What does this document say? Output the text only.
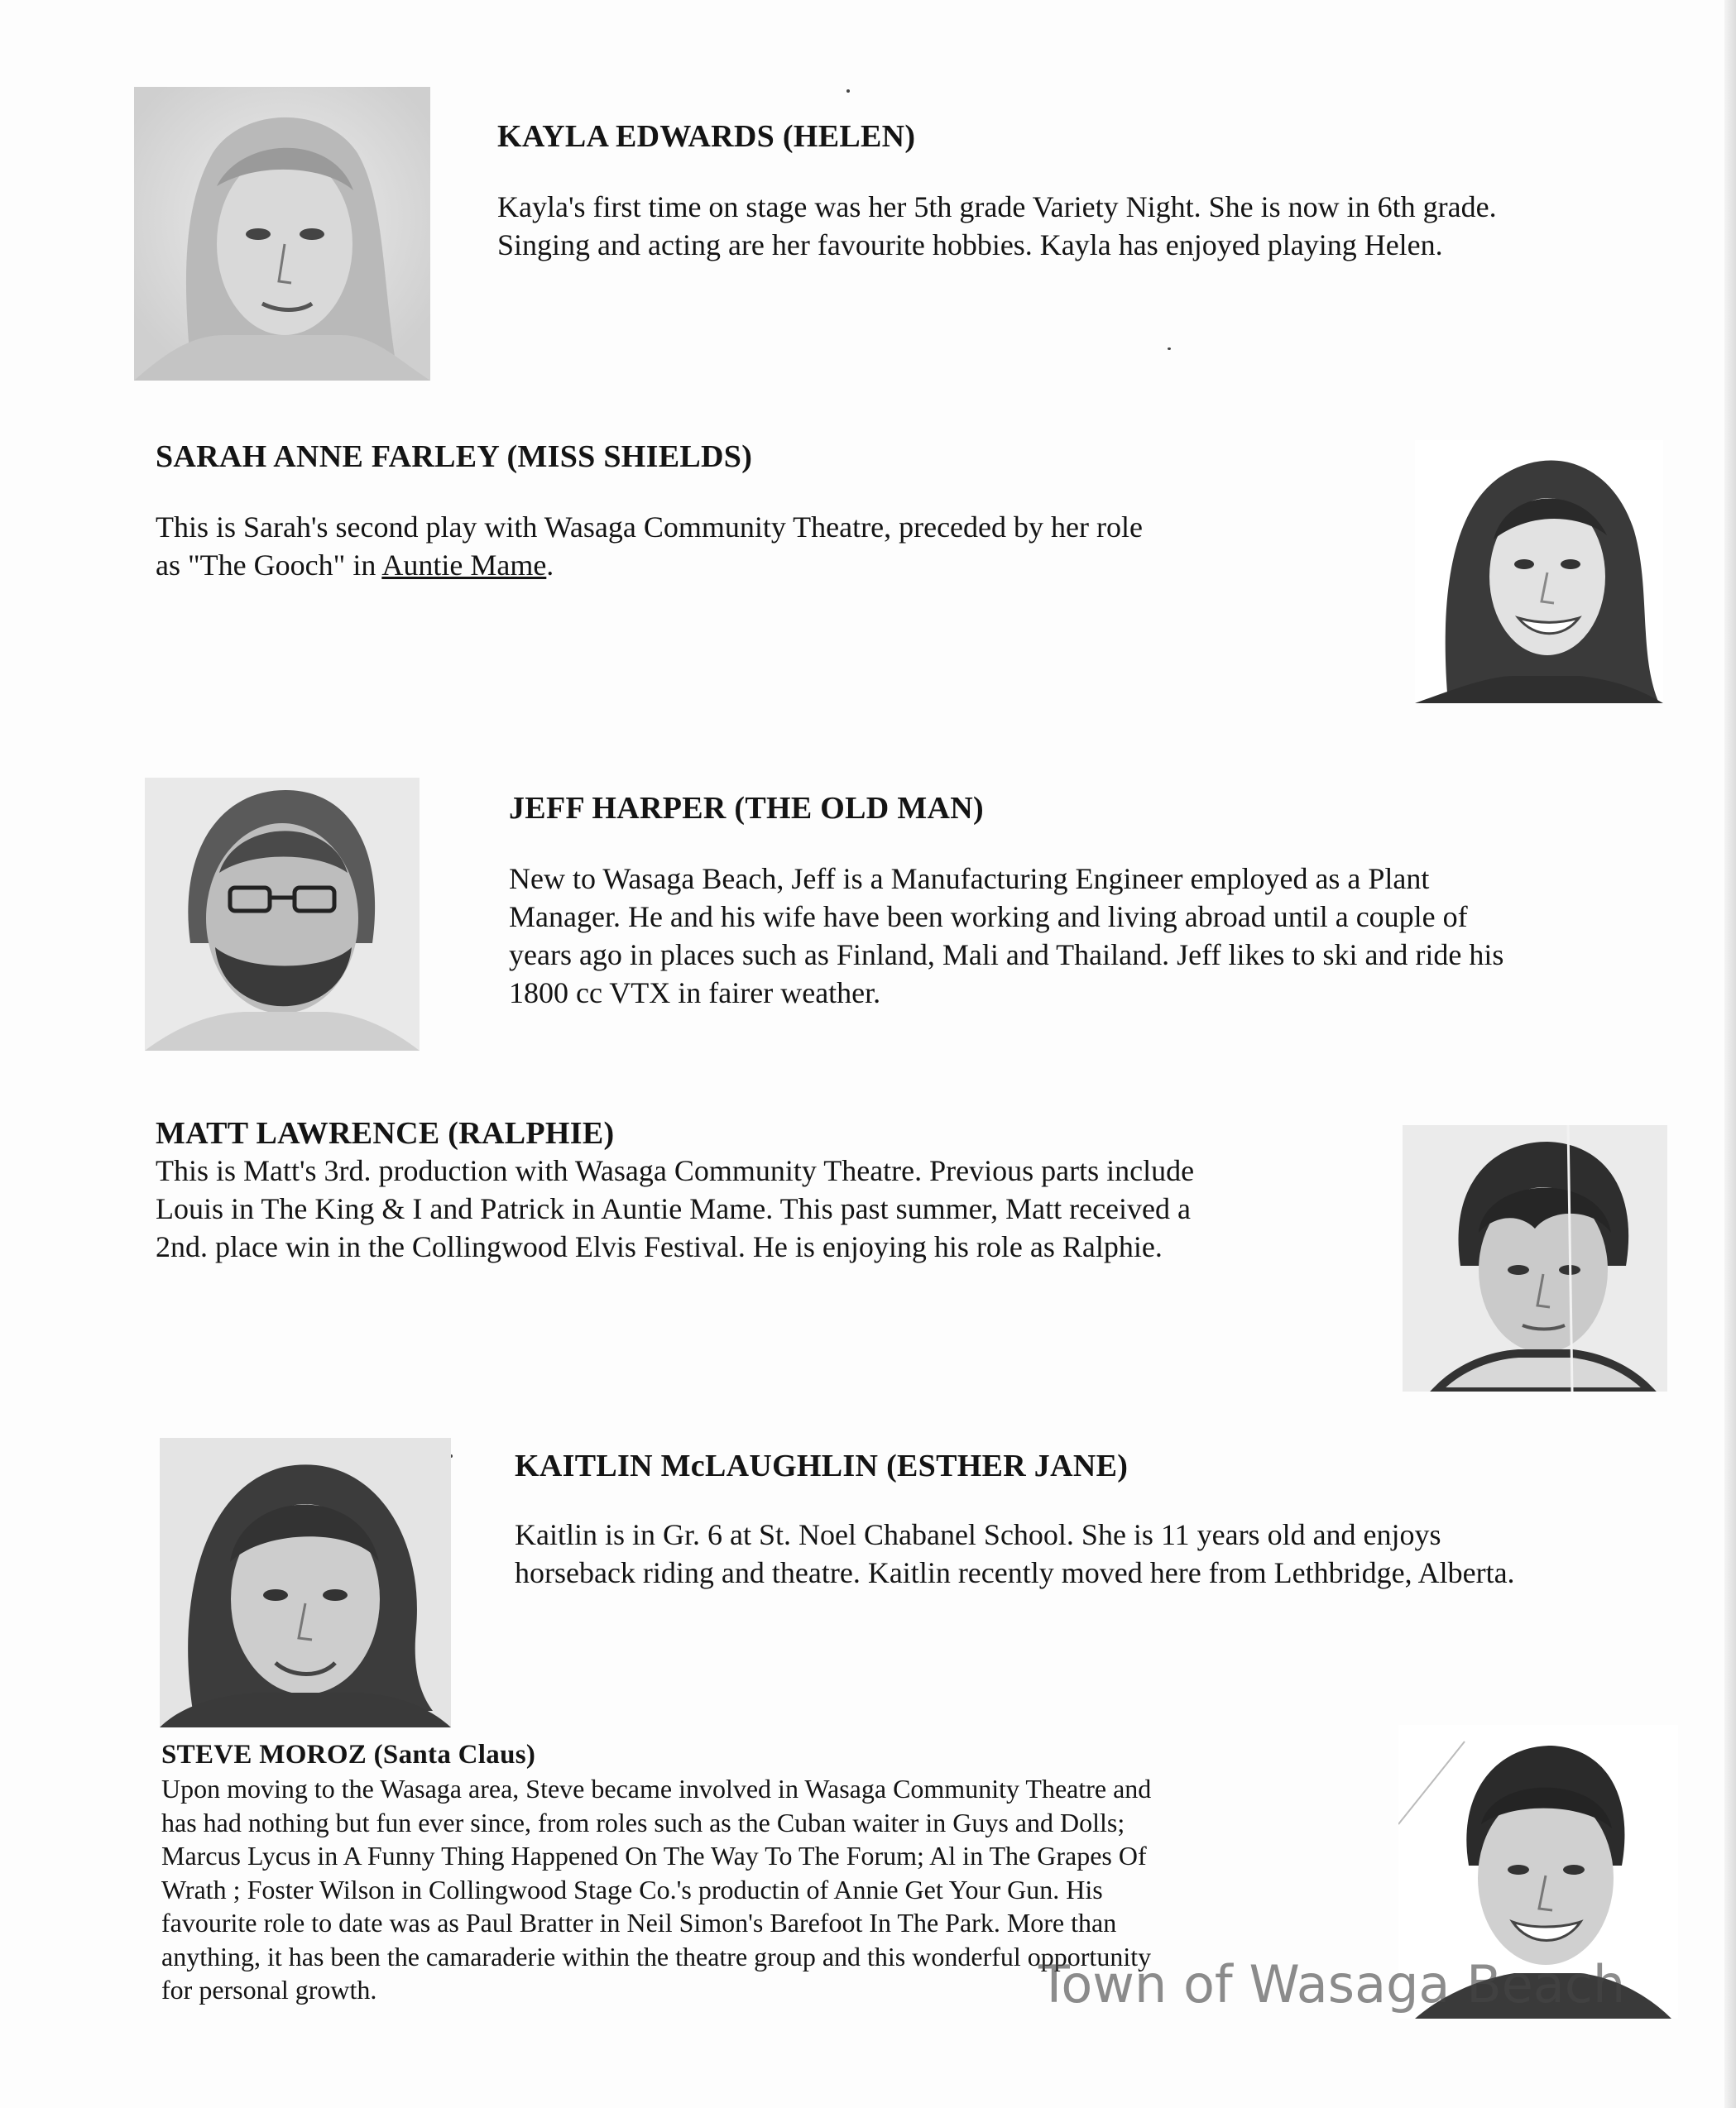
KAYLA EDWARDS (HELEN)

Kayla's first time on stage was her 5th grade Variety Night. She is now in 6th grade.
Singing and acting are her favourite hobbies. Kayla has enjoyed playing Helen.

SARAH ANNE FARLEY (MISS SHIELDS)

This is Sarah's second play with Wasaga Community Theatre, preceded by her role
as "The Gooch" in Auntie Mame.

JEFF HARPER (THE OLD MAN)

New to Wasaga Beach, Jeff is a Manufacturing Engineer employed as a Plant
Manager. He and his wife have been working and living abroad until a couple of
years ago in places such as Finland, Mali and Thailand. Jeff likes to ski and ride his
1800 cc VTX in fairer weather.

MATT LAWRENCE (RALPHIE)

This is Matt's 3rd. production with Wasaga Community Theatre. Previous parts include
Louis in The King & I and Patrick in Auntie Mame. This past summer, Matt received a
2nd. place win in the Collingwood Elvis Festival. He is enjoying his role as Ralphie.

KAITLIN McLAUGHLIN (ESTHER JANE)

Kaitlin is in Gr. 6 at St. Noel Chabanel School. She is 11 years old and enjoys
horseback riding and theatre. Kaitlin recently moved here from Lethbridge, Alberta.

STEVE MOROZ (Santa Claus)

Upon moving to the Wasaga area, Steve became involved in Wasaga Community Theatre and
has had nothing but fun ever since, from roles such as the Cuban waiter in Guys and Dolls;
Marcus Lycus in A Funny Thing Happened On The Way To The Forum; Al in The Grapes Of
Wrath ; Foster Wilson in Collingwood Stage Co.'s productin of Annie Get Your Gun. His
favourite role to date was as Paul Bratter in Neil Simon's Barefoot In The Park. More than
anything, it has been the camaraderie within the theatre group and this wonderful opportunity
for personal growth.	Town of Wasaga Beach
